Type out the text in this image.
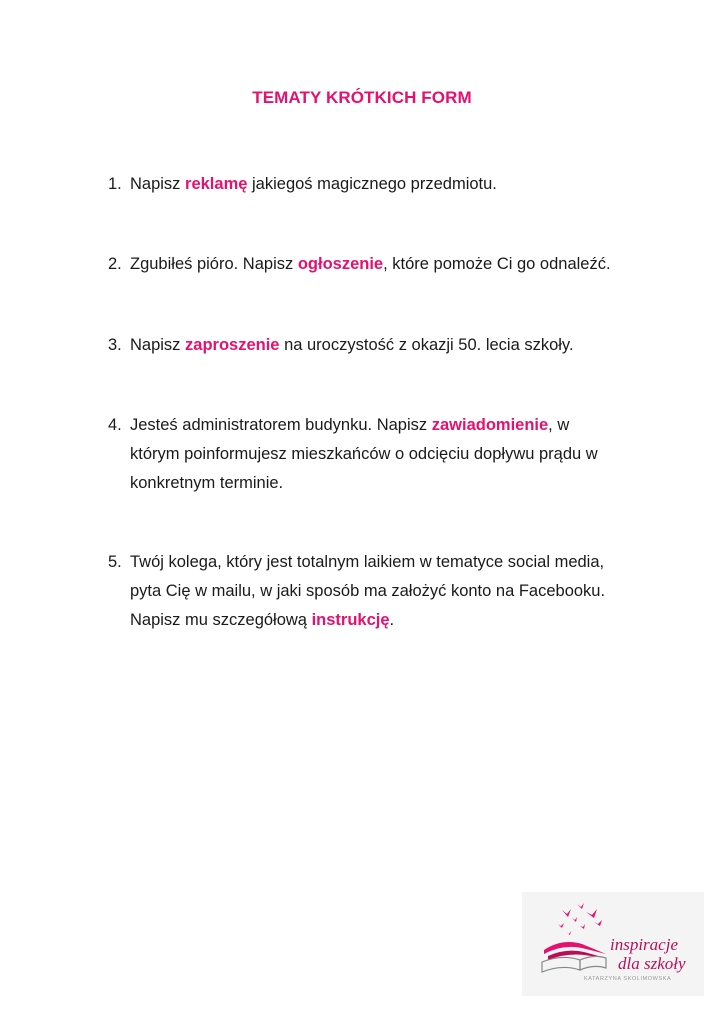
TEMATY KRÓTKICH FORM
1. Napisz reklamę jakiegoś magicznego przedmiotu.
2. Zgubiłeś pióro. Napisz ogłoszenie, które pomoże Ci go odnaleźć.
3. Napisz zaproszenie na uroczystość z okazji 50. lecia szkoły.
4. Jesteś administratorem budynku. Napisz zawiadomienie, w którym poinformujesz mieszkańców o odcięciu dopływu prądu w konkretnym terminie.
5. Twój kolega, który jest totalnym laikiem w tematyce social media, pyta Cię w mailu, w jaki sposób ma założyć konto na Facebooku. Napisz mu szczegółową instrukcję.
inspiracje
dla szkoły
KATARZYNA SKOLIMOWSKA
